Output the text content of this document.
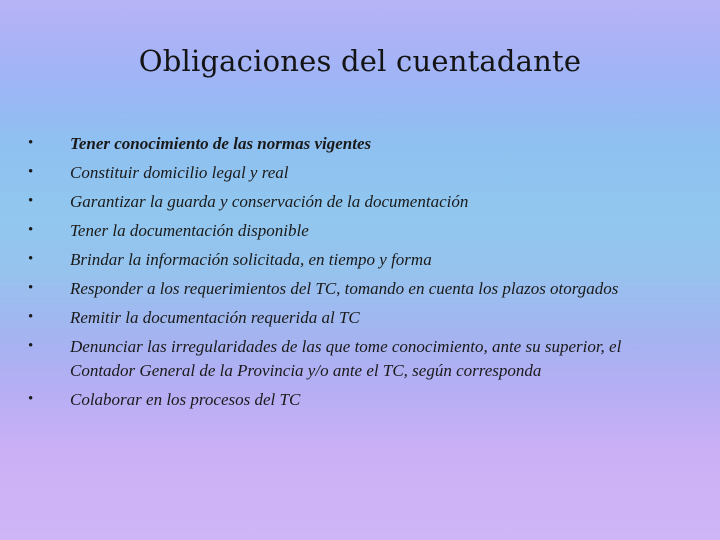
Obligaciones del cuentadante
• Tener conocimiento de las normas vigentes
• Constituir domicilio legal y real
• Garantizar la guarda y conservación de la documentación
• Tener la documentación disponible
• Brindar la información solicitada, en tiempo y forma
• Responder a los requerimientos del TC, tomando en cuenta los plazos otorgados
• Remitir la documentación requerida al TC
• Denunciar las irregularidades de las que tome conocimiento, ante su superior, el Contador General de la Provincia y/o ante el TC, según corresponda
• Colaborar en los procesos del TC
